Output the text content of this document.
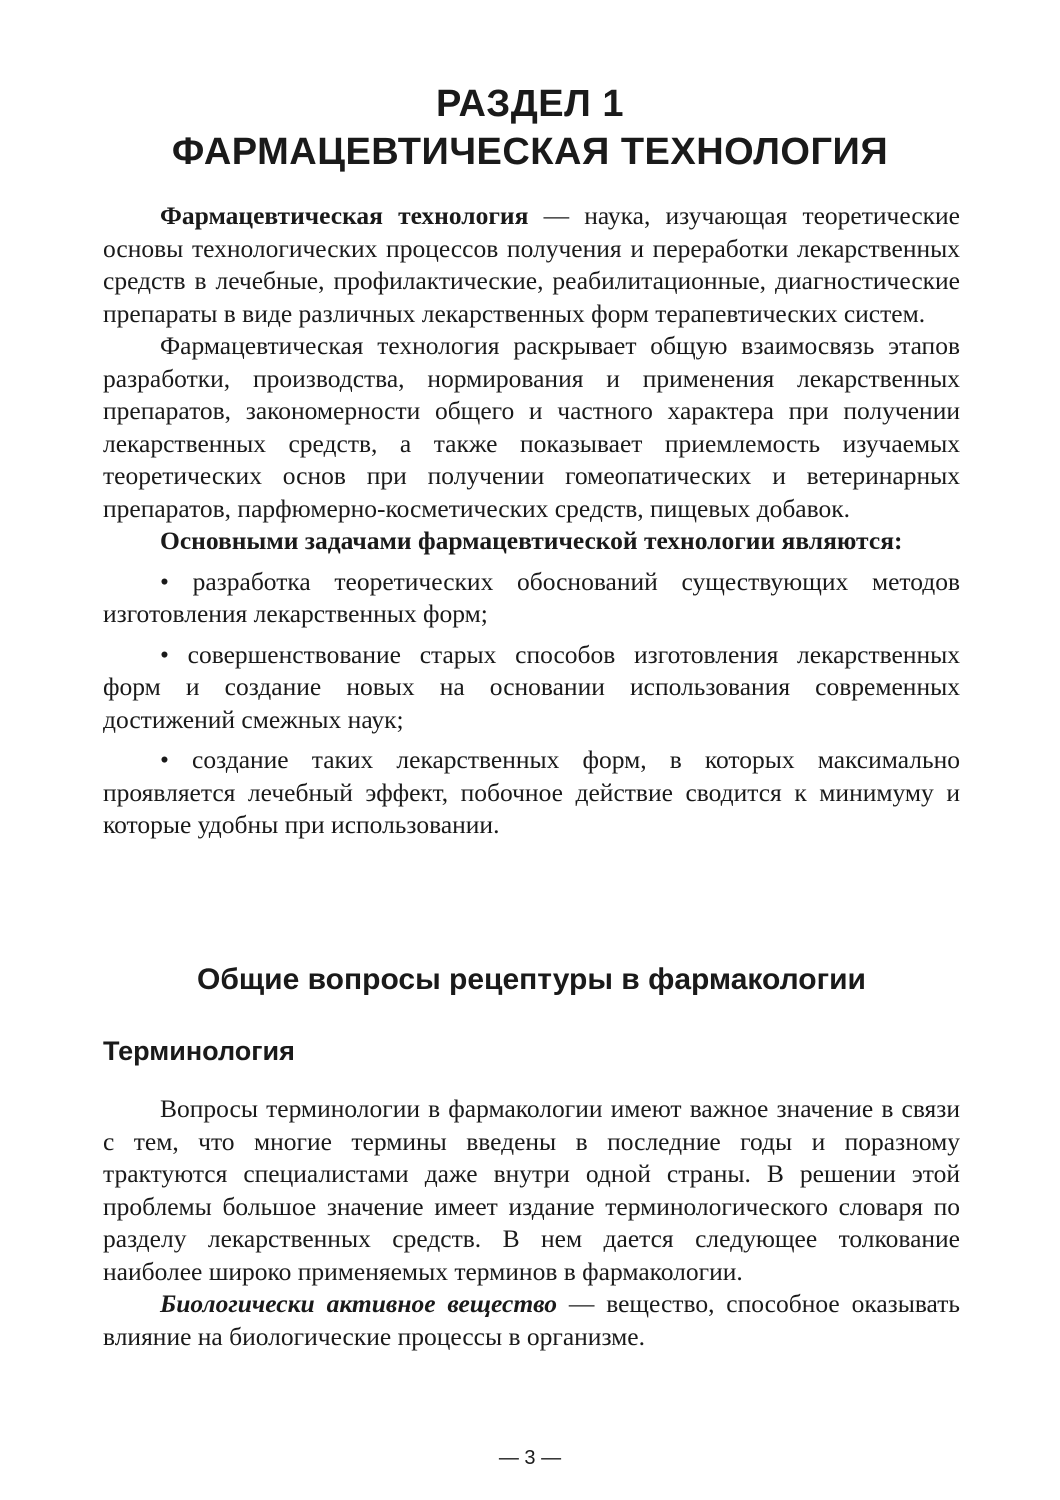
РАЗДЕЛ 1
ФАРМАЦЕВТИЧЕСКАЯ ТЕХНОЛОГИЯ

Фармацевтическая технология — наука, изучающая теоретические основы технологических процессов получения и переработки лекарственных средств в лечебные, профилактические, реабилитационные, диагностические препараты в виде различных лекарственных форм терапевтических систем.

Фармацевтическая технология раскрывает общую взаимосвязь этапов разработки, производства, нормирования и применения лекарственных препаратов, закономерности общего и частного характера при получении лекарственных средств, а также показывает приемлемость изучаемых теоретических основ при получении гомеопатических и ветеринарных препаратов, парфюмерно-косметических средств, пищевых добавок.

Основными задачами фармацевтической технологии являются:

• разработка теоретических обоснований существующих методов изготовления лекарственных форм;

• совершенствование старых способов изготовления лекарственных форм и создание новых на основании использования современных достижений смежных наук;

• создание таких лекарственных форм, в которых максимально проявляется лечебный эффект, побочное действие сводится к минимуму и которые удобны при использовании.

Общие вопросы рецептуры в фармакологии
Терминология

Вопросы терминологии в фармакологии имеют важное значение в связи с тем, что многие термины введены в последние годы и поразному трактуются специалистами даже внутри одной страны. В решении этой проблемы большое значение имеет издание терминологического словаря по разделу лекарственных средств. В нем дается следующее толкование наиболее широко применяемых терминов в фармакологии.

Биологически активное вещество — вещество, способное оказывать влияние на биологические процессы в организме.

— 3 —
